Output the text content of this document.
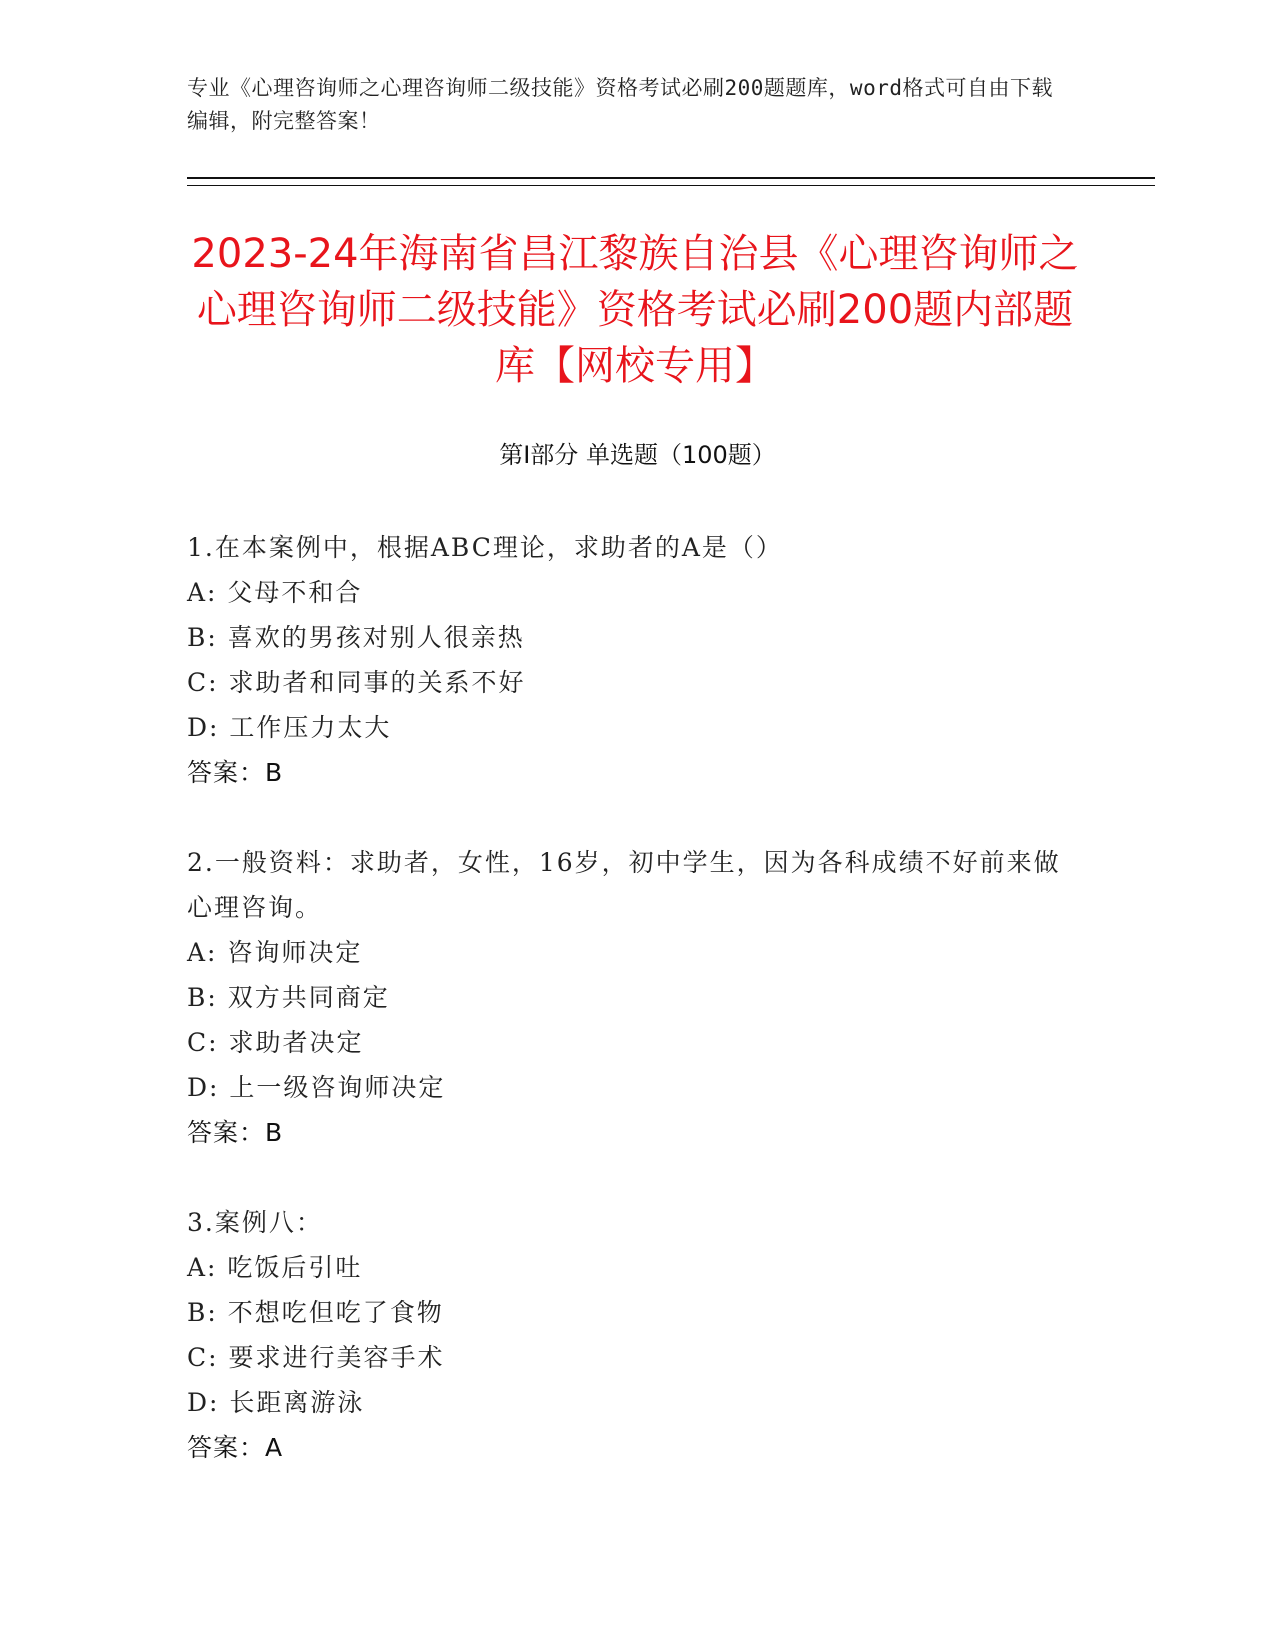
专业《心理咨询师之心理咨询师二级技能》资格考试必刷200题题库，word格式可自由下载编辑，附完整答案！
2023-24年海南省昌江黎族自治县《心理咨询师之心理咨询师二级技能》资格考试必刷200题内部题库【网校专用】
第Ⅰ部分 单选题（100题）
1.在本案例中，根据ABC理论，求助者的A是（）
A: 父母不和合
B: 喜欢的男孩对别人很亲热
C: 求助者和同事的关系不好
D: 工作压力太大
答案：B
2.一般资料：求助者，女性，16岁，初中学生，因为各科成绩不好前来做心理咨询。
A: 咨询师决定
B: 双方共同商定
C: 求助者决定
D: 上一级咨询师决定
答案：B
3.案例八：
A: 吃饭后引吐
B: 不想吃但吃了食物
C: 要求进行美容手术
D: 长距离游泳
答案：A
